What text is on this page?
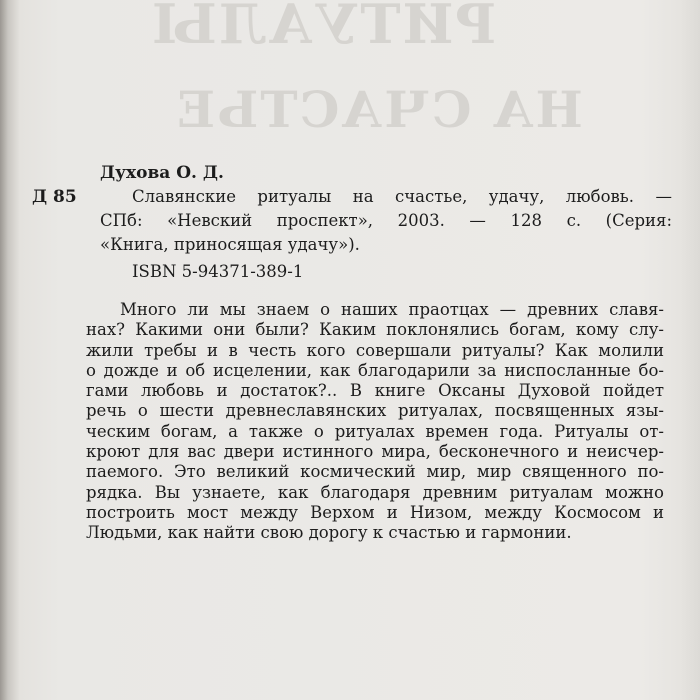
РИТУАЛЫ
НА СЧАСТЬЕ
Духова О. Д.
Д 85	Славянские ритуалы на счастье, удачу, любовь. —
СПб: «Невский проспект», 2003. — 128 с. (Серия:
«Книга, приносящая удачу»).
ISBN 5-94371-389-1
Много ли мы знаем о наших праотцах — древних славя-
нах? Какими они были? Каким поклонялись богам, кому слу-
жили требы и в честь кого совершали ритуалы? Как молили
о дожде и об исцелении, как благодарили за ниспосланные бо-
гами любовь и достаток?.. В книге Оксаны Духовой пойдет
речь о шести древнеславянских ритуалах, посвященных язы-
ческим богам, а также о ритуалах времен года. Ритуалы от-
кроют для вас двери истинного мира, бесконечного и неисчер-
паемого. Это великий космический мир, мир священного по-
рядка. Вы узнаете, как благодаря древним ритуалам можно
построить мост между Верхом и Низом, между Космосом и
Людьми, как найти свою дорогу к счастью и гармонии.
